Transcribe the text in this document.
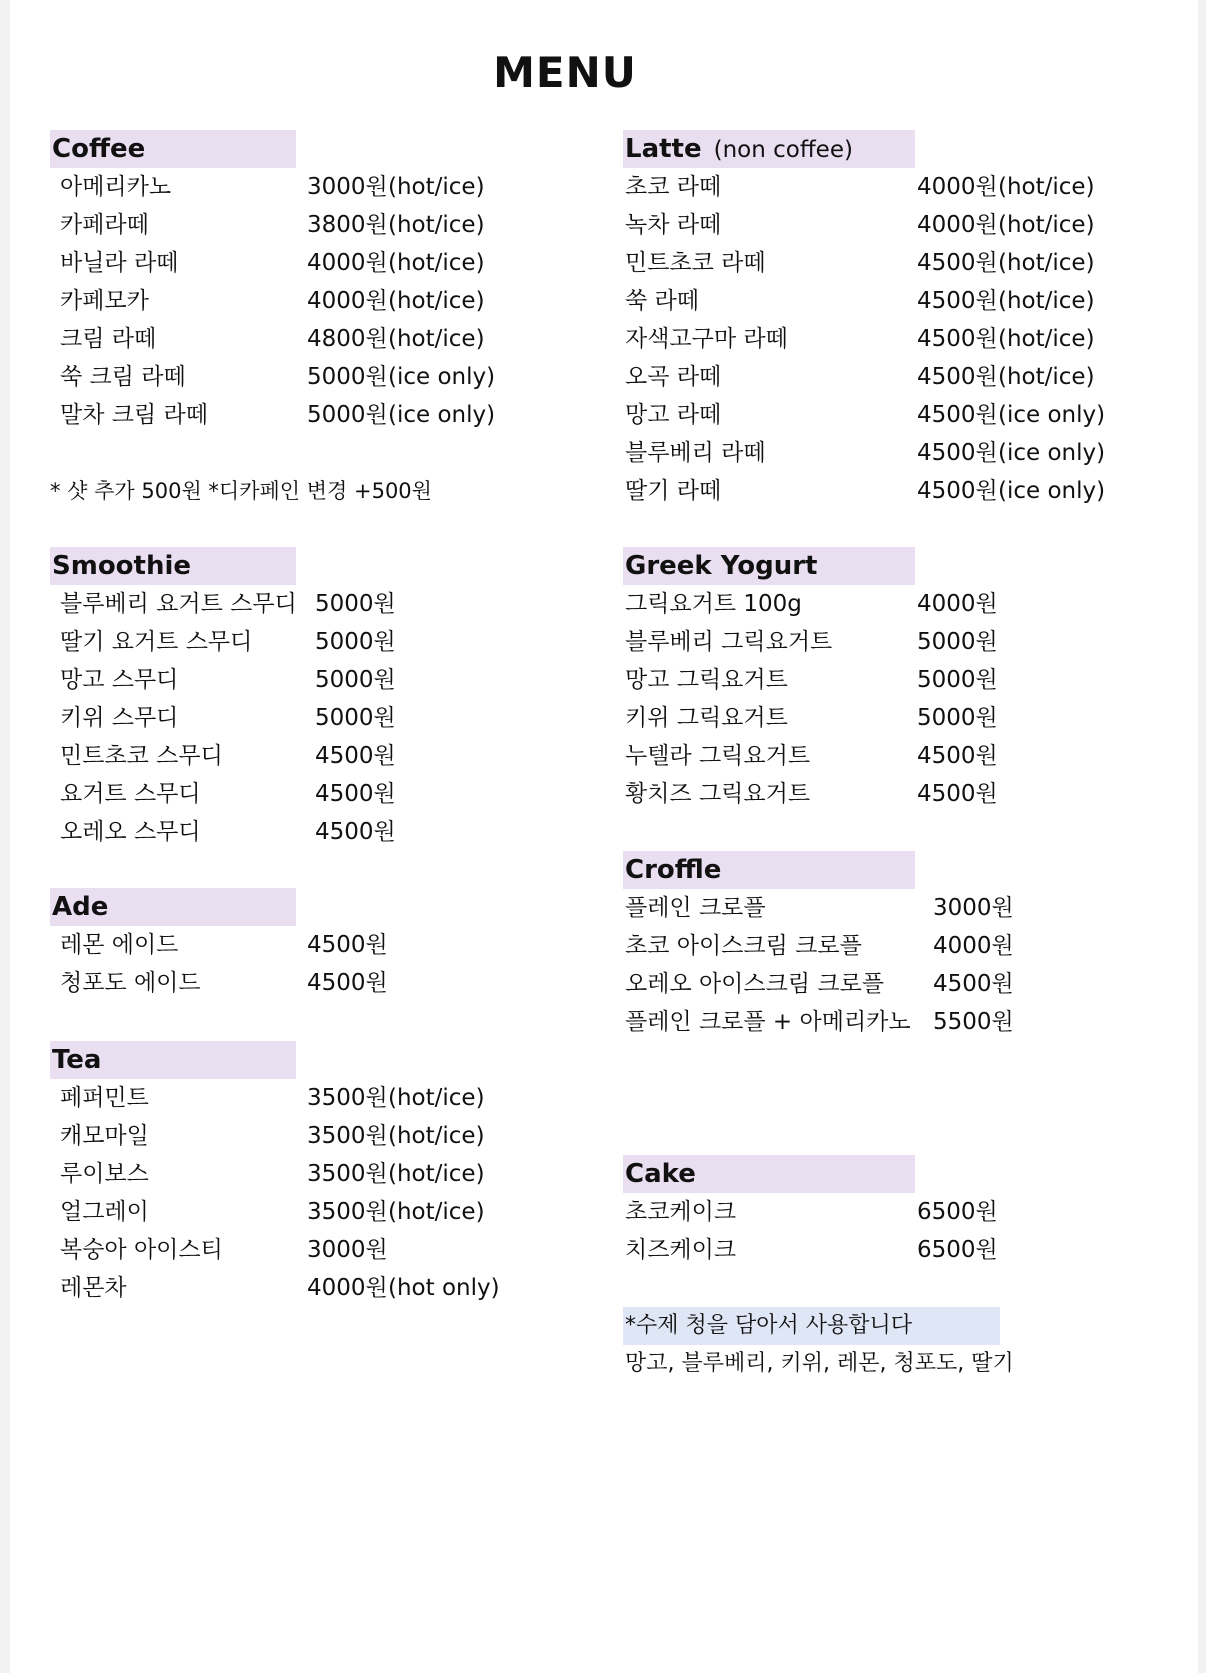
MENU
Coffee
아메리카노	3000원 (hot/ice)
카페라떼	3800원 (hot/ice)
바닐라 라떼	4000원 (hot/ice)
카페모카	4000원 (hot/ice)
크림 라떼	4800원 (hot/ice)
쑥 크림 라떼	5000원 (ice only)
말차 크림 라떼	5000원 (ice only)
* 샷 추가 500원 *디카페인 변경 +500원
Latte (non coffee)
초코 라떼	4000원 (hot/ice)
녹차 라떼	4000원 (hot/ice)
민트초코 라떼	4500원 (hot/ice)
쑥 라떼	4500원 (hot/ice)
자색고구마 라떼	4500원 (hot/ice)
오곡 라떼	4500원 (hot/ice)
망고 라떼	4500원 (ice only)
블루베리 라떼	4500원 (ice only)
딸기 라떼	4500원 (ice only)
Smoothie
블루베리 요거트 스무디 5000원
딸기 요거트 스무디	5000원
망고 스무디	5000원
키위 스무디	5000원
민트초코 스무디	4500원
요거트 스무디	4500원
오레오 스무디	4500원
Greek Yogurt
그릭요거트 100g	4000원
블루베리 그릭요거트	5000원
망고 그릭요거트	5000원
키위 그릭요거트	5000원
누텔라 그릭요거트	4500원
황치즈 그릭요거트	4500원
Ade
레몬 에이드	4500원
청포도 에이드	4500원
Croffle
플레인 크로플	3000원
초코 아이스크림 크로플	4000원
오레오 아이스크림 크로플 4500원
플레인 크로플 + 아메리카노 5500원
Tea
페퍼민트	3500원 (hot/ice)
캐모마일	3500원 (hot/ice)
루이보스	3500원 (hot/ice)
얼그레이	3500원 (hot/ice)
복숭아 아이스티	3000원
레몬차	4000원 (hot only)
Cake
초코케이크	6500원
치즈케이크	6500원
*수제 청을 담아서 사용합니다
망고, 블루베리, 키위, 레몬, 청포도, 딸기
